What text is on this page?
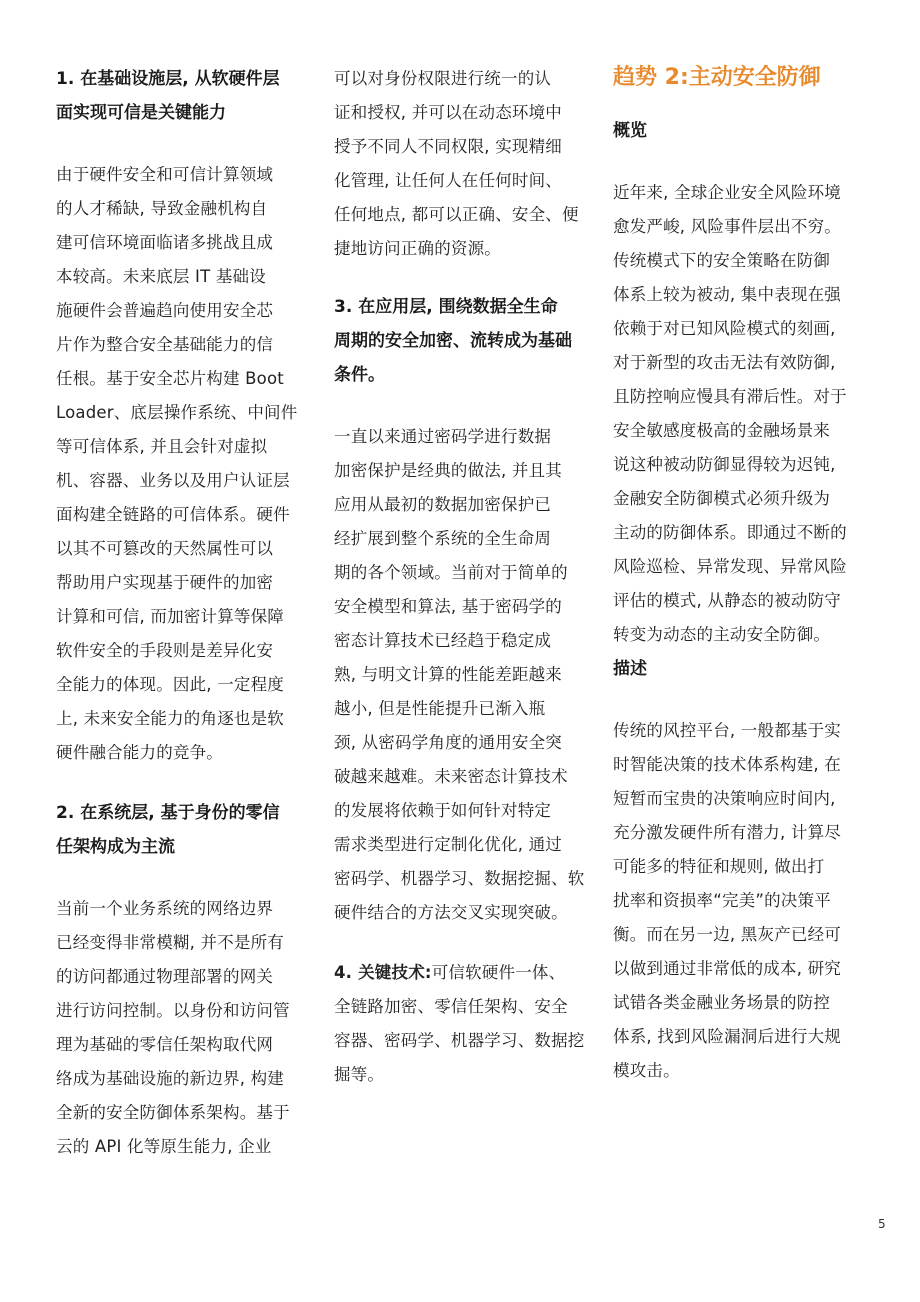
1. 在基础设施层, 从软硬件层
面实现可信是关键能力
由于硬件安全和可信计算领域
的人才稀缺, 导致金融机构自
建可信环境面临诸多挑战且成
本较高。未来底层 IT 基础设
施硬件会普遍趋向使用安全芯
片作为整合安全基础能力的信
任根。基于安全芯片构建 Boot
Loader、底层操作系统、中间件
等可信体系, 并且会针对虚拟
机、容器、业务以及用户认证层
面构建全链路的可信体系。硬件
以其不可篡改的天然属性可以
帮助用户实现基于硬件的加密
计算和可信, 而加密计算等保障
软件安全的手段则是差异化安
全能力的体现。因此, 一定程度
上, 未来安全能力的角逐也是软
硬件融合能力的竞争。
2. 在系统层, 基于身份的零信
任架构成为主流
当前一个业务系统的网络边界
已经变得非常模糊, 并不是所有
的访问都通过物理部署的网关
进行访问控制。以身份和访问管
理为基础的零信任架构取代网
络成为基础设施的新边界, 构建
全新的安全防御体系架构。基于
云的 API 化等原生能力, 企业
可以对身份权限进行统一的认
证和授权, 并可以在动态环境中
授予不同人不同权限, 实现精细
化管理, 让任何人在任何时间、
任何地点, 都可以正确、安全、便
捷地访问正确的资源。
3. 在应用层, 围绕数据全生命
周期的安全加密、流转成为基础
条件。
一直以来通过密码学进行数据
加密保护是经典的做法, 并且其
应用从最初的数据加密保护已
经扩展到整个系统的全生命周
期的各个领域。当前对于简单的
安全模型和算法, 基于密码学的
密态计算技术已经趋于稳定成
熟, 与明文计算的性能差距越来
越小, 但是性能提升已渐入瓶
颈, 从密码学角度的通用安全突
破越来越难。未来密态计算技术
的发展将依赖于如何针对特定
需求类型进行定制化优化, 通过
密码学、机器学习、数据挖掘、软
硬件结合的方法交叉实现突破。
4. 关键技术:可信软硬件一体、
全链路加密、零信任架构、安全
容器、密码学、机器学习、数据挖
掘等。
趋势 2:主动安全防御
概览
近年来, 全球企业安全风险环境
愈发严峻, 风险事件层出不穷。
传统模式下的安全策略在防御
体系上较为被动, 集中表现在强
依赖于对已知风险模式的刻画,
对于新型的攻击无法有效防御,
且防控响应慢具有滞后性。对于
安全敏感度极高的金融场景来
说这种被动防御显得较为迟钝,
金融安全防御模式必须升级为
主动的防御体系。即通过不断的
风险巡检、异常发现、异常风险
评估的模式, 从静态的被动防守
转变为动态的主动安全防御。
描述
传统的风控平台, 一般都基于实
时智能决策的技术体系构建, 在
短暂而宝贵的决策响应时间内,
充分激发硬件所有潜力, 计算尽
可能多的特征和规则, 做出打
扰率和资损率“完美”的决策平
衡。而在另一边, 黑灰产已经可
以做到通过非常低的成本, 研究
试错各类金融业务场景的防控
体系, 找到风险漏洞后进行大规
模攻击。
5
